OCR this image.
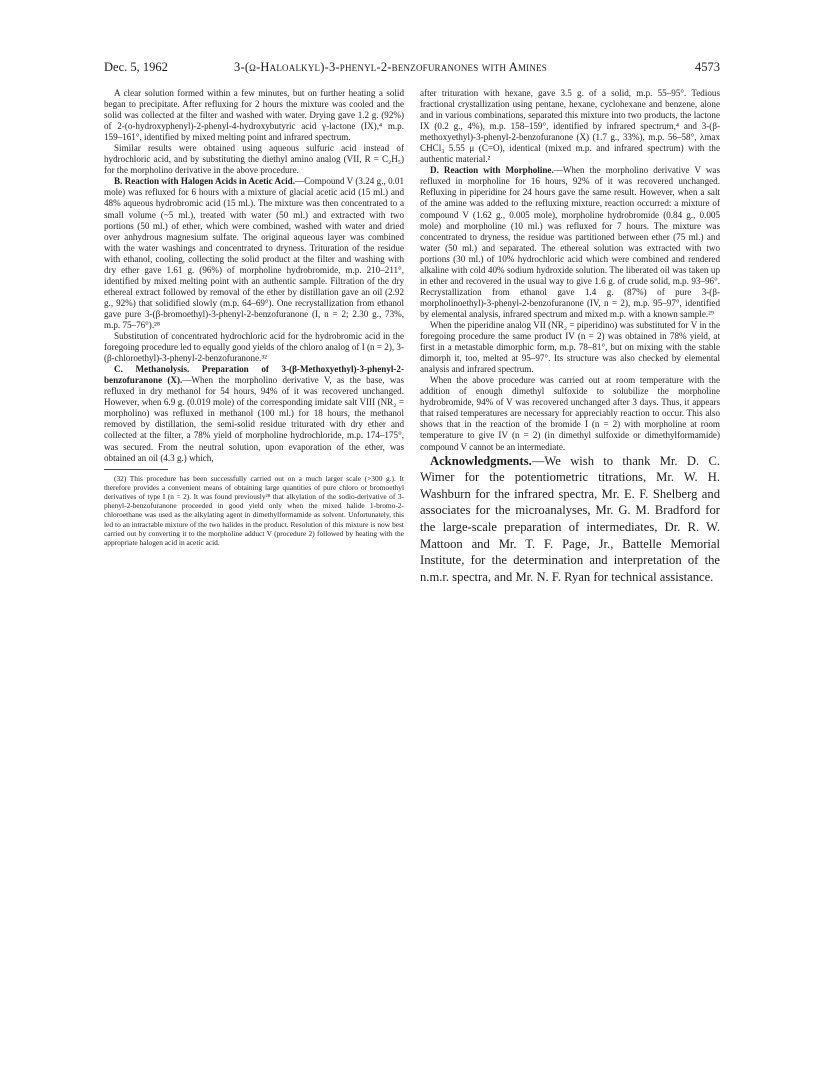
Dec. 5, 1962	3-(ω-Haloalkyl)-3-phenyl-2-benzofuranones with Amines	4573

A clear solution formed within a few minutes, but on further heating a solid began to precipitate. After refluxing for 2 hours the mixture was cooled and the solid was collected at the filter and washed with water. Drying gave 1.2 g. (92%) of 2-(o-hydroxyphenyl)-2-phenyl-4-hydroxybutyric acid γ-lactone (IX),⁴ m.p. 159–161°, identified by mixed melting point and infrared spectrum.

Similar results were obtained using aqueous sulfuric acid instead of hydrochloric acid, and by substituting the diethyl amino analog (VII, R = C₂H₅) for the morpholino derivative in the above procedure.

B. Reaction with Halogen Acids in Acetic Acid.—Compound V (3.24 g., 0.01 mole) was refluxed for 6 hours with a mixture of glacial acetic acid (15 ml.) and 48% aqueous hydrobromic acid (15 ml.). The mixture was then concentrated to a small volume (~5 ml.), treated with water (50 ml.) and extracted with two portions (50 ml.) of ether, which were combined, washed with water and dried over anhydrous magnesium sulfate. The original aqueous layer was combined with the water washings and concentrated to dryness. Trituration of the residue with ethanol, cooling, collecting the solid product at the filter and washing with dry ether gave 1.61 g. (96%) of morpholine hydrobromide, m.p. 210–211°, identified by mixed melting point with an authentic sample. Filtration of the dry ethereal extract followed by removal of the ether by distillation gave an oil (2.92 g., 92%) that solidified slowly (m.p. 64–69°). One recrystallization from ethanol gave pure 3-(β-bromoethyl)-3-phenyl-2-benzofuranone (I, n = 2; 2.30 g., 73%, m.p. 75–76°).²⁸

Substitution of concentrated hydrochloric acid for the hydrobromic acid in the foregoing procedure led to equally good yields of the chloro analog of I (n = 2), 3-(β-chloroethyl)-3-phenyl-2-benzofuranone.³²

C. Methanolysis. Preparation of 3-(β-Methoxyethyl)-3-phenyl-2-benzofuranone (X).—When the morpholino derivative V, as the base, was refluxed in dry methanol for 54 hours, 94% of it was recovered unchanged. However, when 6.9 g. (0.019 mole) of the corresponding imidate salt VIII (NR₂ = morpholino) was refluxed in methanol (100 ml.) for 18 hours, the methanol removed by distillation, the semi-solid residue triturated with dry ether and collected at the filter, a 78% yield of morpholine hydrochloride, m.p. 174–175°, was secured. From the neutral solution, upon evaporation of the ether, was obtained an oil (4.3 g.) which,

(32) This procedure has been successfully carried out on a much larger scale (>300 g.). It therefore provides a convenient means of obtaining large quantities of pure chloro or bromoethyl derivatives of type I (n = 2). It was found previously²⁸ that alkylation of the sodio-derivative of 3-phenyl-2-benzofuranone proceeded in good yield only when the mixed halide 1-bromo-2-chloroethane was used as the alkylating agent in dimethylformamide as solvent. Unfortunately, this led to an intractable mixture of the two halides in the product. Resolution of this mixture is now best carried out by converting it to the morpholine adduct V (procedure 2) followed by heating with the appropriate halogen acid in acetic acid.

after trituration with hexane, gave 3.5 g. of a solid, m.p. 55–95°. Tedious fractional crystallization using pentane, hexane, cyclohexane and benzene, alone and in various combinations, separated this mixture into two products, the lactone IX (0.2 g., 4%), m.p. 158–159°, identified by infrared spectrum,⁴ and 3-(β-methoxyethyl)-3-phenyl-2-benzofuranone (X) (1.7 g., 33%), m.p. 56–58°, λmax CHCl₃ 5.55 μ (C=O), identical (mixed m.p. and infrared spectrum) with the authentic material.²

D. Reaction with Morpholine.—When the morpholino derivative V was refluxed in morpholine for 16 hours, 92% of it was recovered unchanged. Refluxing in piperidine for 24 hours gave the same result. However, when a salt of the amine was added to the refluxing mixture, reaction occurred: a mixture of compound V (1.62 g., 0.005 mole), morpholine hydrobromide (0.84 g., 0.005 mole) and morpholine (10 ml.) was refluxed for 7 hours. The mixture was concentrated to dryness, the residue was partitioned between ether (75 ml.) and water (50 ml.) and separated. The ethereal solution was extracted with two portions (30 ml.) of 10% hydrochloric acid which were combined and rendered alkaline with cold 40% sodium hydroxide solution. The liberated oil was taken up in ether and recovered in the usual way to give 1.6 g. of crude solid, m.p. 93–96°. Recrystallization from ethanol gave 1.4 g. (87%) of pure 3-(β-morpholinoethyl)-3-phenyl-2-benzofuranone (IV, n = 2), m.p. 95–97°, identified by elemental analysis, infrared spectrum and mixed m.p. with a known sample.²⁹

When the piperidine analog VII (NR₂ = piperidino) was substituted for V in the foregoing procedure the same product IV (n = 2) was obtained in 78% yield, at first in a metastable dimorphic form, m.p. 78–81°, but on mixing with the stable dimorph it, too, melted at 95–97°. Its structure was also checked by elemental analysis and infrared spectrum.

When the above procedure was carried out at room temperature with the addition of enough dimethyl sulfoxide to solubilize the morpholine hydrobromide, 94% of V was recovered unchanged after 3 days. Thus, it appears that raised temperatures are necessary for appreciably reaction to occur. This also shows that in the reaction of the bromide I (n = 2) with morpholine at room temperature to give IV (n = 2) (in dimethyl sulfoxide or dimethylformamide) compound V cannot be an intermediate.

Acknowledgments.—We wish to thank Mr. D. C. Wimer for the potentiometric titrations, Mr. W. H. Washburn for the infrared spectra, Mr. E. F. Shelberg and associates for the microanalyses, Mr. G. M. Bradford for the large-scale preparation of intermediates, Dr. R. W. Mattoon and Mr. T. F. Page, Jr., Battelle Memorial Institute, for the determination and interpretation of the n.m.r. spectra, and Mr. N. F. Ryan for technical assistance.
